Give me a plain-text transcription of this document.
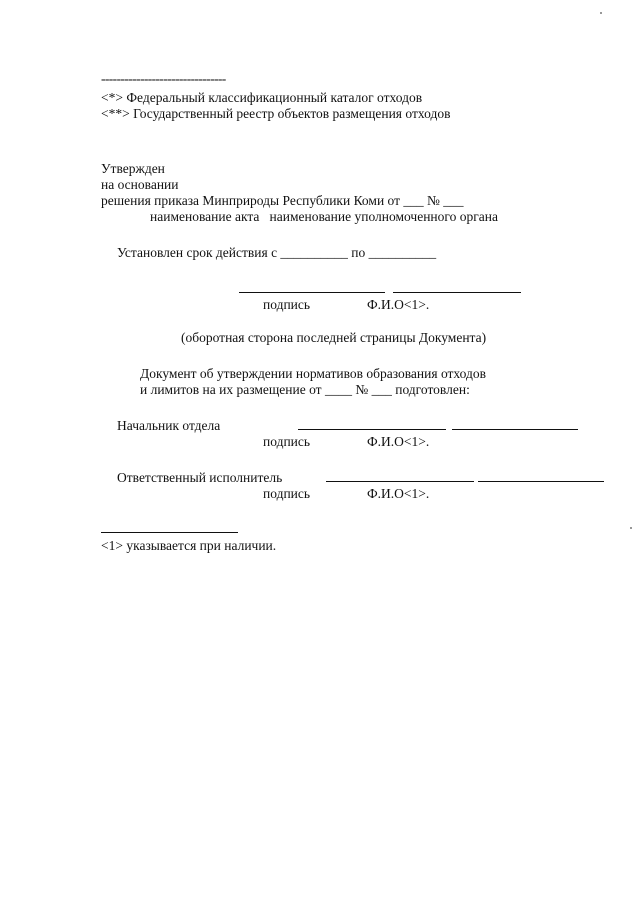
--------------------------------
<*> Федеральный классификационный каталог отходов
<**> Государственный реестр объектов размещения отходов
Утвержден
на основании
решения приказа Минприроды Республики Коми от ___ № ___
наименование акта   наименование уполномоченного органа
Установлен срок действия с __________ по __________
подпись	Ф.И.О<1>.
(оборотная сторона последней страницы Документа)
Документ об утверждении нормативов образования отходов
и лимитов на их размещение от ____ № ___ подготовлен:
Начальник отдела
подпись	Ф.И.О<1>.
Ответственный исполнитель
подпись	Ф.И.О<1>.
<1> указывается при наличии.
